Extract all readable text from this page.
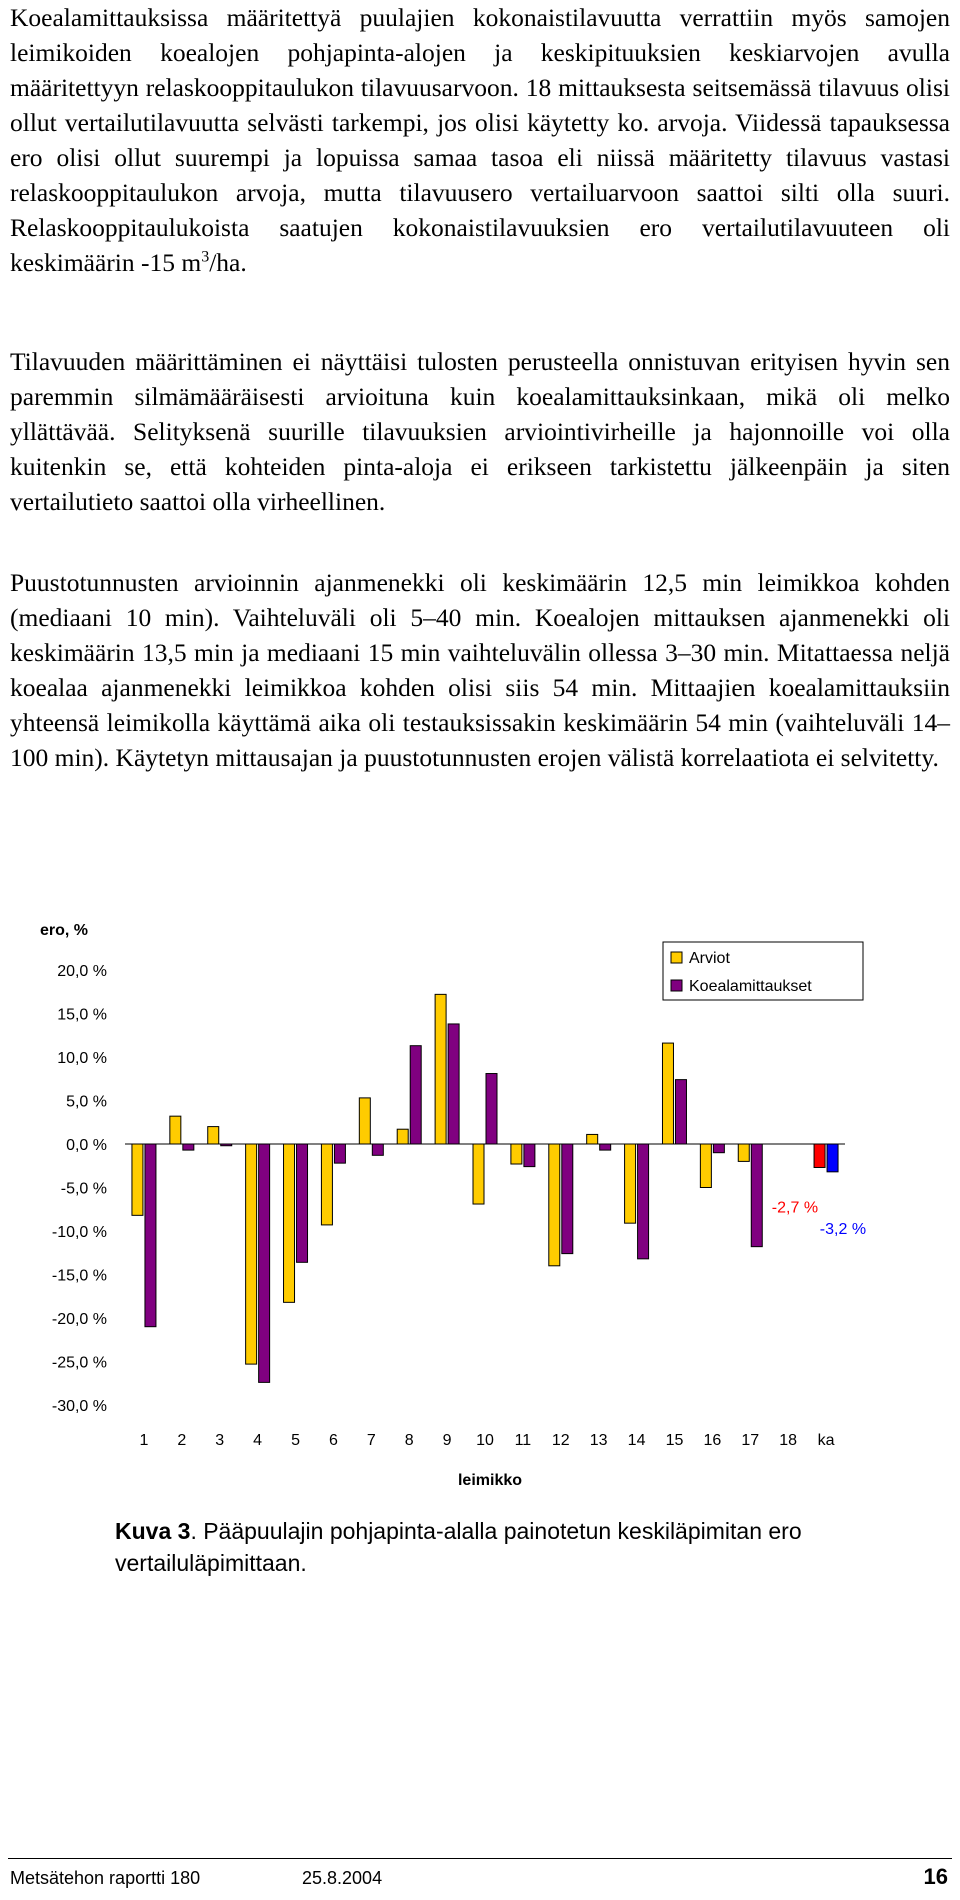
Koealamittauksissa määritettyä puulajien kokonaistilavuutta verrattiin myös samojen leimikoiden koealojen pohjapinta-alojen ja keskipituuksien keskiarvojen avulla määritettyyn relaskooppitaulukon tilavuusarvoon. 18 mittauksesta seitsemässä tilavuus olisi ollut vertailutilavuutta selvästi tarkempi, jos olisi käytetty ko. arvoja. Viidessä tapauksessa ero olisi ollut suurempi ja lopuissa samaa tasoa eli niissä määritetty tilavuus vastasi relaskooppitaulukon arvoja, mutta tilavuusero vertailuarvoon saattoi silti olla suuri. Relaskooppitaulukoista saatujen kokonaistilavuuksien ero vertailutilavuuteen oli keskimäärin -15 $m^3/ha$.

Tilavuuden määrittäminen ei näyttäisi tulosten perusteella onnistuvan erityisen hyvin sen paremmin silmämääräisesti arvioituna kuin koealamittauksinkaan, mikä oli melko yllättävää. Selityksenä suurille tilavuuksien arviointivirheille ja hajonnoille voi olla kuitenkin se, että kohteiden pinta-aloja ei erikseen tarkistettu jälkeenpäin ja siten vertailutieto saattoi olla virheellinen.

Puustotunnusten arvioinnin ajanmenekki oli keskimäärin 12,5 min leimikkoa kohden (mediaani 10 min). Vaihteluväli oli 5–40 min. Koealojen mittauksen ajanmenekki oli keskimäärin 13,5 min ja mediaani 15 min vaihteluvälin ollessa 3–30 min. Mitattaessa neljä koealaa ajanmenekki leimikkoa kohden olisi siis 54 min. Mittaajien koealamittauksiin yhteensä leimikolla käyttämä aika oli testauksissakin keskimäärin 54 min (vaihteluväli 14–100 min). Käytetyn mittausajan ja puustotunnusten erojen välistä korrelaatiota ei selvitetty.

20,0 %
15,0 %
10,0 %
5,0 %
0,0 %
-5,0 %
-10,0 %
-15,0 %
-20,0 %
-25,0 %
-30,0 %
ero, %
1 2 3 4 5 6 7 8 9 10 11 12 13 14 15 16 17 18 ka
leimikko
-2,7 %
-3,2 %
Arviot
Koealamittaukset

Kuva 3. Pääpuulajin pohjapinta-alalla painotetun keskiläpimitan ero vertailuläpimittaan.

Metsätehon raportti 180	25.8.2004	16
